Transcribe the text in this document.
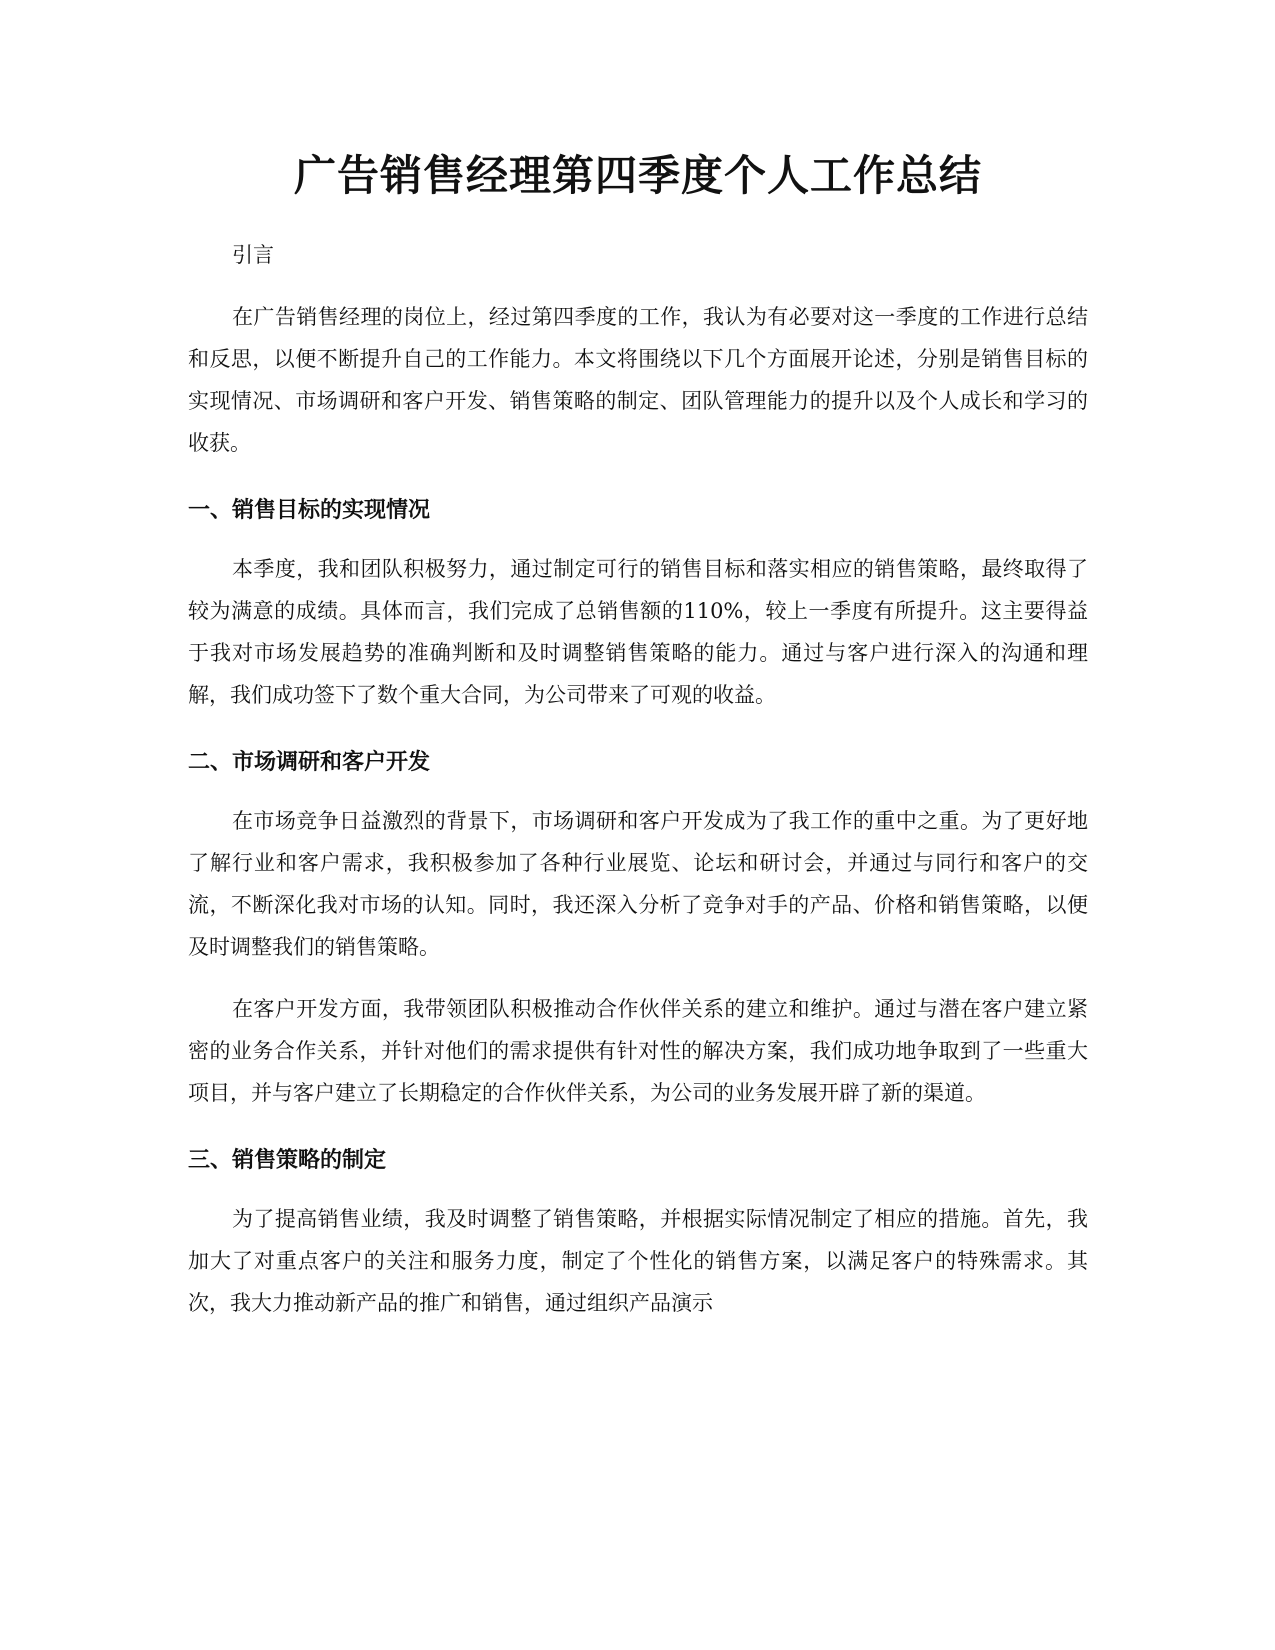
广告销售经理第四季度个人工作总结

引言

在广告销售经理的岗位上，经过第四季度的工作，我认为有必要对这一季度的工作进行总结和反思，以便不断提升自己的工作能力。本文将围绕以下几个方面展开论述，分别是销售目标的实现情况、市场调研和客户开发、销售策略的制定、团队管理能力的提升以及个人成长和学习的收获。

一、销售目标的实现情况

本季度，我和团队积极努力，通过制定可行的销售目标和落实相应的销售策略，最终取得了较为满意的成绩。具体而言，我们完成了总销售额的110%，较上一季度有所提升。这主要得益于我对市场发展趋势的准确判断和及时调整销售策略的能力。通过与客户进行深入的沟通和理解，我们成功签下了数个重大合同，为公司带来了可观的收益。

二、市场调研和客户开发

在市场竞争日益激烈的背景下，市场调研和客户开发成为了我工作的重中之重。为了更好地了解行业和客户需求，我积极参加了各种行业展览、论坛和研讨会，并通过与同行和客户的交流，不断深化我对市场的认知。同时，我还深入分析了竞争对手的产品、价格和销售策略，以便及时调整我们的销售策略。

在客户开发方面，我带领团队积极推动合作伙伴关系的建立和维护。通过与潜在客户建立紧密的业务合作关系，并针对他们的需求提供有针对性的解决方案，我们成功地争取到了一些重大项目，并与客户建立了长期稳定的合作伙伴关系，为公司的业务发展开辟了新的渠道。

三、销售策略的制定

为了提高销售业绩，我及时调整了销售策略，并根据实际情况制定了相应的措施。首先，我加大了对重点客户的关注和服务力度，制定了个性化的销售方案，以满足客户的特殊需求。其次，我大力推动新产品的推广和销售，通过组织产品演示
